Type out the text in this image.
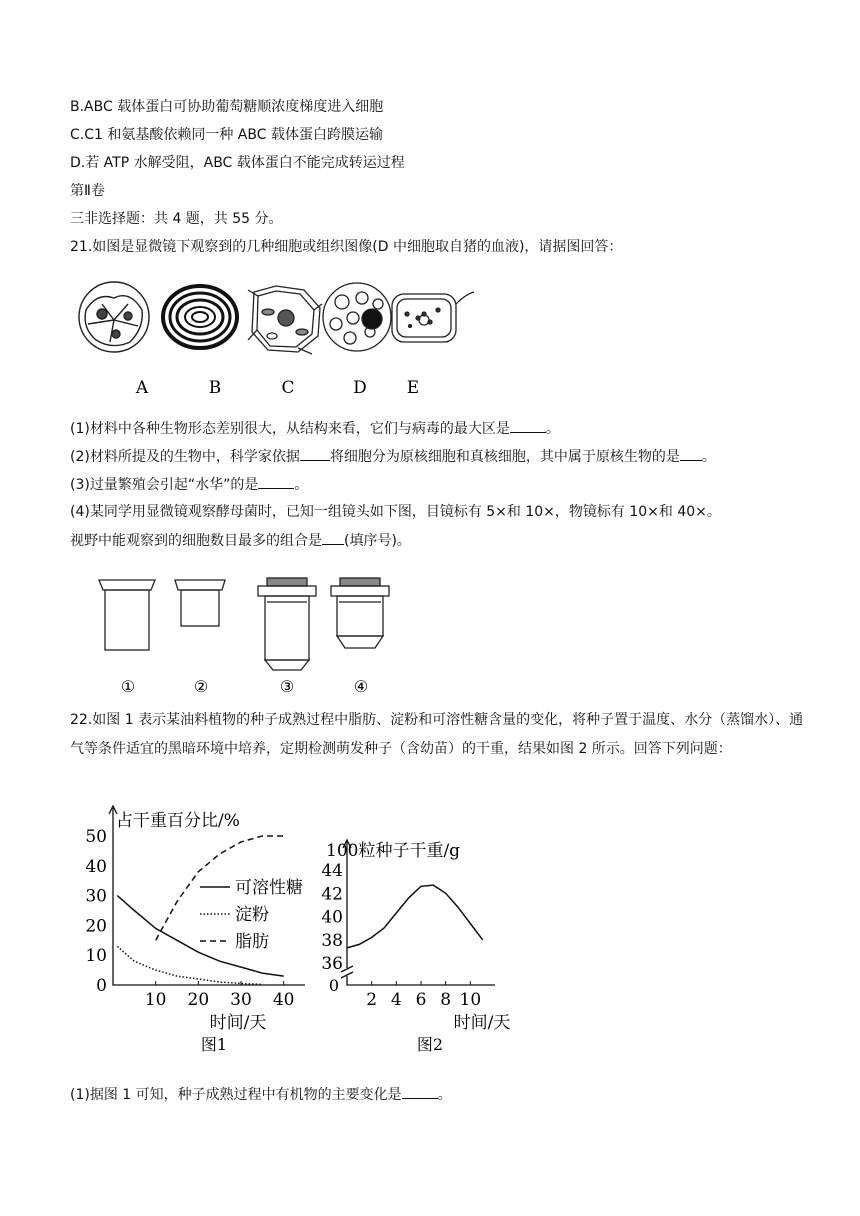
B.ABC 载体蛋白可协助葡萄糖顺浓度梯度进入细胞
C.C1 和氨基酸依赖同一种 ABC 载体蛋白跨膜运输
D.若 ATP 水解受阻，ABC 载体蛋白不能完成转运过程
第Ⅱ卷
三非选择题：共 4 题，共 55 分。
21.如图是显微镜下观察到的几种细胞或组织图像(D 中细胞取自猪的血液)，请据图回答：
A	B	C	D E
(1)材料中各种生物形态差别很大，从结构来看，它们与病毒的最大区是	。
(2)材料所提及的生物中，科学家依据 将细胞分为原核细胞和真核细胞，其中属于原核生物的是 。
(3)过量繁殖会引起“水华”的是	。
(4)某同学用显微镜观察酵母菌时，已知一组镜头如下图，目镜标有 5×和 10×，物镜标有 10×和 40×。
视野中能观察到的细胞数目最多的组合是 (填序号)。
①	②	③	④
22.如图 1 表示某油料植物的种子成熟过程中脂肪、淀粉和可溶性糖含量的变化，将种子置于温度、水分（蒸馏水）、通气等条件适宜的黑暗环境中培养，定期检测萌发种子（含幼苗）的干重，结果如图 2 所示。回答下列问题：
占干重百分比/%
时间/天
图1
0
10
20
30
40
50
10 20 30 40
可溶性糖
淀粉
脂肪
100粒种子干重/g
时间/天
图2
0
36
38
40
42
44
2 4 6 8 10
(1)据图 1 可知，种子成熟过程中有机物的主要变化是	。
